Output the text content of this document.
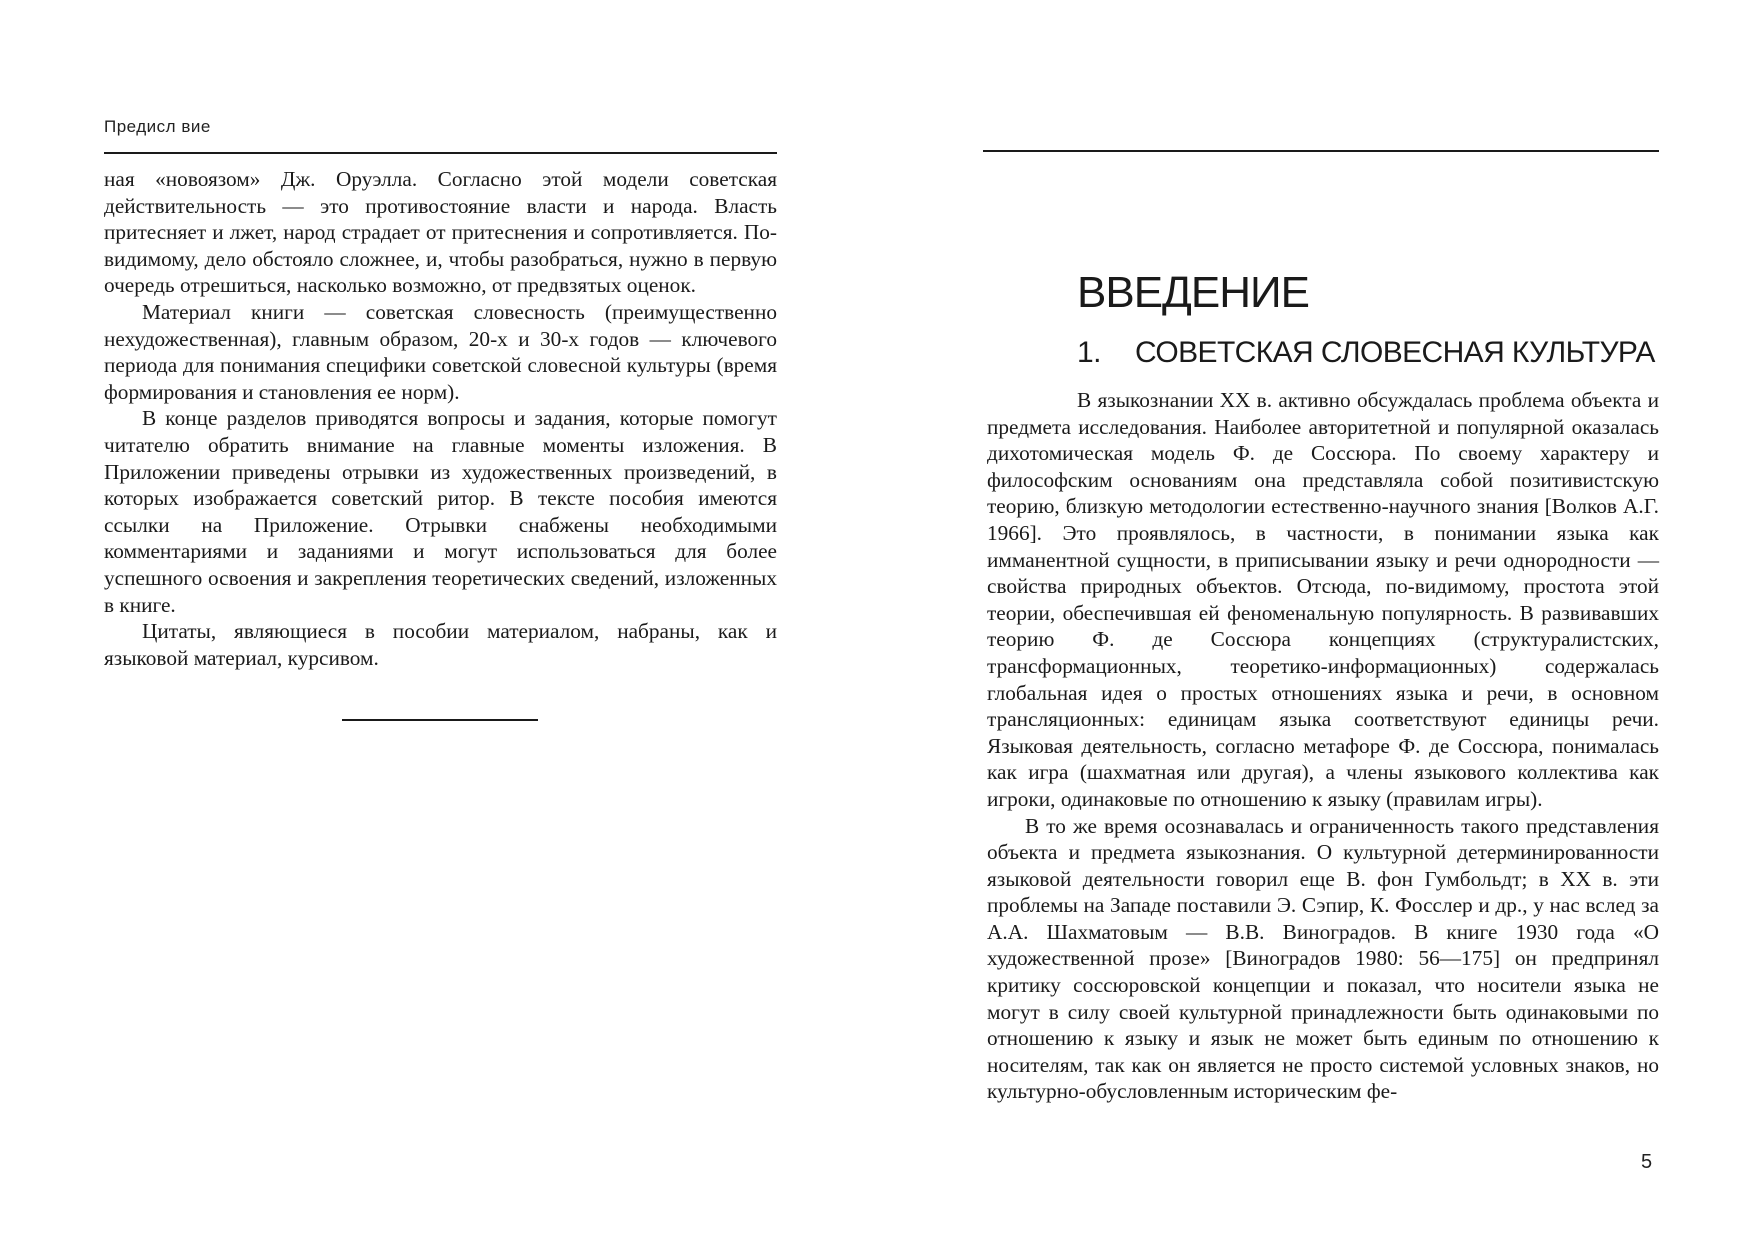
Предисл вие

ная «новоязом» Дж. Оруэлла. Согласно этой модели советская действительность — это противостояние власти и народа. Власть притесняет и лжет, народ страдает от притеснения и сопротивляется. По-видимому, дело обстояло сложнее, и, чтобы разобраться, нужно в первую очередь отрешиться, насколько возможно, от предвзятых оценок.

Материал книги — советская словесность (преимущественно нехудожественная), главным образом, 20-х и 30-х годов — ключевого периода для понимания специфики советской словесной культуры (время формирования и становления ее норм).

В конце разделов приводятся вопросы и задания, которые помогут читателю обратить внимание на главные моменты изложения. В Приложении приведены отрывки из художественных произведений, в которых изображается советский ритор. В тексте пособия имеются ссылки на Приложение. Отрывки снабжены необходимыми комментариями и заданиями и могут использоваться для более успешного освоения и закрепления теоретических сведений, изложенных в книге.

Цитаты, являющиеся в пособии материалом, набраны, как и языковой материал, курсивом.

ВВЕДЕНИЕ
1. СОВЕТСКАЯ СЛОВЕСНАЯ КУЛЬТУРА

В языкознании XX в. активно обсуждалась проблема объекта и предмета исследования. Наиболее авторитетной и популярной оказалась дихотомическая модель Ф. де Соссюра. По своему характеру и философским основаниям она представляла собой позитивистскую теорию, близкую методологии естественно-научного знания [Волков А.Г. 1966]. Это проявлялось, в частности, в понимании языка как имманентной сущности, в приписывании языку и речи однородности — свойства природных объектов. Отсюда, по-видимому, простота этой теории, обеспечившая ей феноменальную популярность. В развивавших теорию Ф. де Соссюра концепциях (структуралистских, трансформационных, теоретико-информационных) содержалась глобальная идея о простых отношениях языка и речи, в основном трансляционных: единицам языка соответствуют единицы речи. Языковая деятельность, согласно метафоре Ф. де Соссюра, понималась как игра (шахматная или другая), а члены языкового коллектива как игроки, одинаковые по отношению к языку (правилам игры).

В то же время осознавалась и ограниченность такого представления объекта и предмета языкознания. О культурной детерминированности языковой деятельности говорил еще В. фон Гумбольдт; в XX в. эти проблемы на Западе поставили Э. Сэпир, К. Фосслер и др., у нас вслед за А.А. Шахматовым — В.В. Виноградов. В книге 1930 года «О художественной прозе» [Виноградов 1980: 56—175] он предпринял критику соссюровской концепции и показал, что носители языка не могут в силу своей культурной принадлежности быть одинаковыми по отношению к языку и язык не может быть единым по отношению к носителям, так как он является не просто системой условных знаков, но культурно-обусловленным историческим фе-

5
